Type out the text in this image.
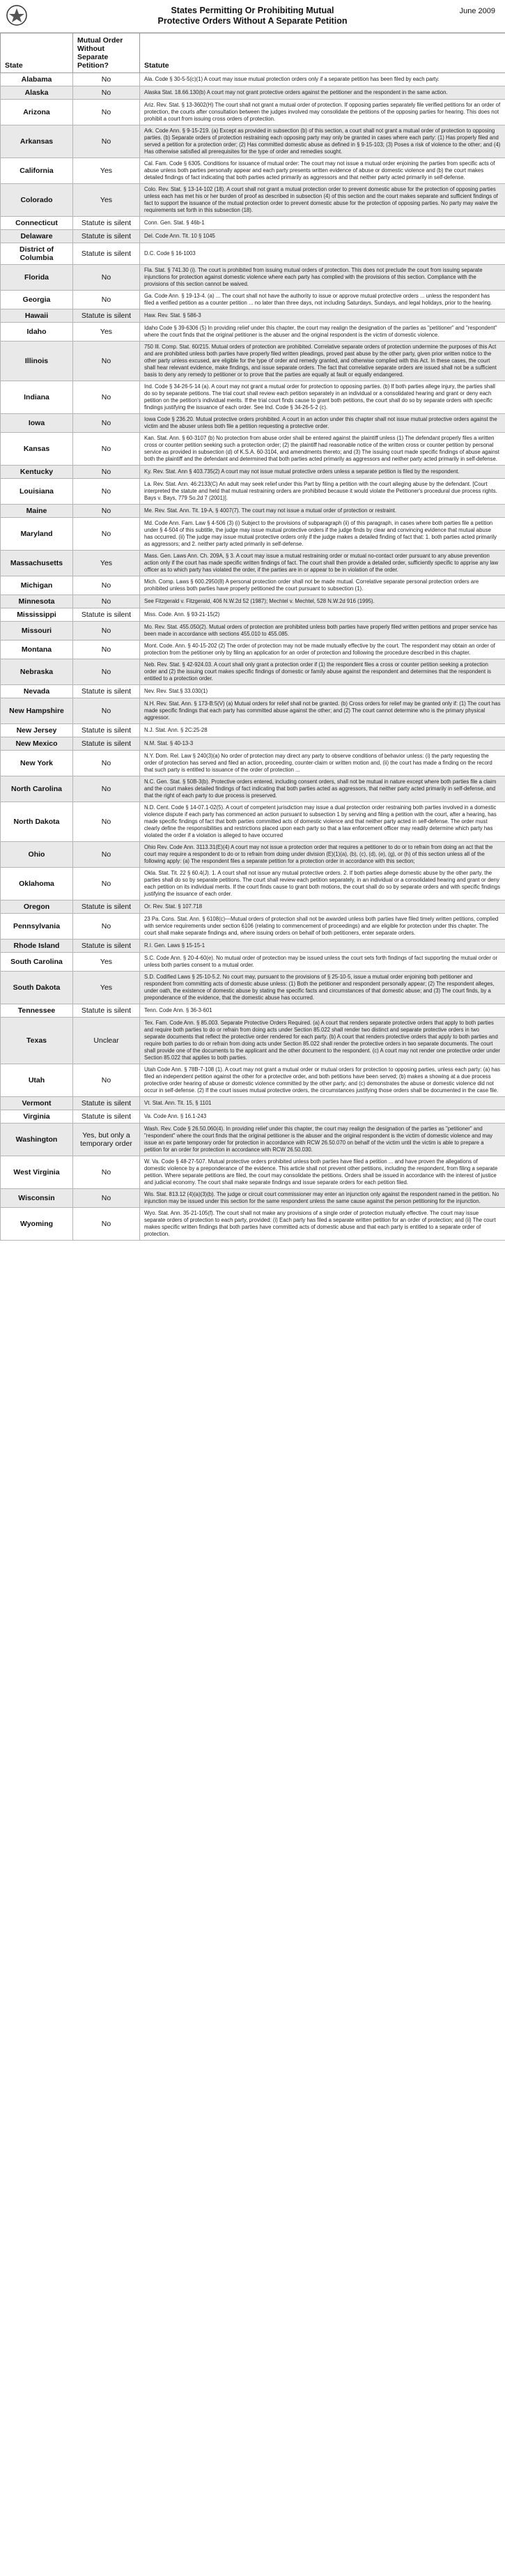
States Permitting Or Prohibiting Mutual
Protective Orders Without A Separate Petition
June 2009
State	Mutual Order Without Separate Petition?	Statute
Alabama	No	Ala. Code § 30-5-5(c)(1) A court may issue mutual protection orders only if a separate petition has been filed by each party.
Alaska	No	Alaska Stat. 18.66.130(b) A court may not grant protective orders against the petitioner and the respondent in the same action.
Arizona	No	Ariz. Rev. Stat. § 13-3602(H) The court shall not grant a mutual order of protection. If opposing parties separately file verified petitions for an order of protection, the courts after consultation between the judges involved may consolidate the petitions of the opposing parties for hearing. This does not prohibit a court from issuing cross orders of protection.
Arkansas	No	Ark. Code Ann. § 9-15-219. (a) Except as provided in subsection (b) of this section, a court shall not grant a mutual order of protection to opposing parties. (b) Separate orders of protection restraining each opposing party may only be granted in cases where each party: (1) Has properly filed and served a petition for a protection order; (2) Has committed domestic abuse as defined in § 9-15-103; (3) Poses a risk of violence to the other; and (4) Has otherwise satisfied all prerequisites for the type of order and remedies sought.
California	Yes	Cal. Fam. Code § 6305. Conditions for issuance of mutual order: The court may not issue a mutual order enjoining the parties from specific acts of abuse unless both parties personally appear and each party presents written evidence of abuse or domestic violence and (b) the court makes detailed findings of fact indicating that both parties acted primarily as aggressors and that neither party acted primarily in self-defense.
Colorado	Yes	Colo. Rev. Stat. § 13-14-102 (18). A court shall not grant a mutual protection order to prevent domestic abuse for the protection of opposing parties unless each has met his or her burden of proof as described in subsection (4) of this section and the court makes separate and sufficient findings of fact to support the issuance of the mutual protection order to prevent domestic abuse for the protection of opposing parties. No party may waive the requirements set forth in this subsection (18).
Connecticut	Statute is silent	Conn. Gen. Stat. § 46b-1
Delaware	Statute is silent	Del. Code Ann. Tit. 10 § 1045
District of Columbia	Statute is silent	D.C. Code § 16-1003
Florida	No	Fla. Stat. § 741.30 (i). The court is prohibited from issuing mutual orders of protection. This does not preclude the court from issuing separate injunctions for protection against domestic violence where each party has complied with the provisions of this section. Compliance with the provisions of this section cannot be waived.
Georgia	No	Ga. Code Ann. § 19-13-4. (a) ... The court shall not have the authority to issue or approve mutual protective orders ... unless the respondent has filed a verified petition as a counter petition ... no later than three days, not including Saturdays, Sundays, and legal holidays, prior to the hearing.
Hawaii	Statute is silent	Haw. Rev. Stat. § 586-3
Idaho	Yes	Idaho Code § 39-6306 (5) In providing relief under this chapter, the court may realign the designation of the parties as "petitioner" and "respondent" where the court finds that the original petitioner is the abuser and the original respondent is the victim of domestic violence.
Illinois	No	750 Ill. Comp. Stat. 60/215. Mutual orders of protection are prohibited. Correlative separate orders of protection undermine the purposes of this Act and are prohibited unless both parties have properly filed written pleadings, proved past abuse by the other party, given prior written notice to the other party unless excused, are eligible for the type of order and remedy granted, and otherwise complied with this Act. In these cases, the court shall hear relevant evidence, make findings, and issue separate orders. The fact that correlative separate orders are issued shall not be a sufficient basis to deny any remedy to petitioner or to prove that the parties are equally at fault or equally endangered.
Indiana	No	Ind. Code § 34-26-5-14 (a). A court may not grant a mutual order for protection to opposing parties. (b) If both parties allege injury, the parties shall do so by separate petitions. The trial court shall review each petition separately in an individual or a consolidated hearing and grant or deny each petition on the petition's individual merits. If the trial court finds cause to grant both petitions, the court shall do so by separate orders with specific findings justifying the issuance of each order. See Ind. Code § 34-26-5-2 (c).
Iowa	No	Iowa Code § 236.20. Mutual protective orders prohibited. A court in an action under this chapter shall not issue mutual protective orders against the victim and the abuser unless both file a petition requesting a protective order.
Kansas	No	Kan. Stat. Ann. § 60-3107 (b) No protection from abuse order shall be entered against the plaintiff unless (1) The defendant properly files a written cross or counter petition seeking such a protection order; (2) the plaintiff had reasonable notice of the written cross or counter petition by personal service as provided in subsection (d) of K.S.A. 60-3104, and amendments thereto; and (3) The issuing court made specific findings of abuse against both the plaintiff and the defendant and determined that both parties acted primarily as aggressors and neither party acted primarily in self-defense.
Kentucky	No	Ky. Rev. Stat. Ann § 403.735(2) A court may not issue mutual protective orders unless a separate petition is filed by the respondent.
Louisiana	No	La. Rev. Stat. Ann. 46:2133(C) An adult may seek relief under this Part by filing a petition with the court alleging abuse by the defendant. [Court interpreted the statute and held that mutual restraining orders are prohibited because it would violate the Petitioner's procedural due process rights. Bays v. Bays, 779 So.2d 7 (2001)].
Maine	No	Me. Rev. Stat. Ann. Tit. 19-A, § 4007(7). The court may not issue a mutual order of protection or restraint.
Maryland	No	Md. Code Ann. Fam. Law § 4-506 (3) (i) Subject to the provisions of subparagraph (ii) of this paragraph, in cases where both parties file a petition under § 4-504 of this subtitle, the judge may issue mutual protective orders if the judge finds by clear and convincing evidence that mutual abuse has occurred. (ii) The judge may issue mutual protective orders only if the judge makes a detailed finding of fact that: 1. both parties acted primarily as aggressors; and 2. neither party acted primarily in self-defense.
Massachusetts	Yes	Mass. Gen. Laws Ann. Ch. 209A, § 3. A court may issue a mutual restraining order or mutual no-contact order pursuant to any abuse prevention action only if the court has made specific written findings of fact. The court shall then provide a detailed order, sufficiently specific to apprise any law officer as to which party has violated the order, if the parties are in or appear to be in violation of the order.
Michigan	No	Mich. Comp. Laws § 600.2950(8) A personal protection order shall not be made mutual. Correlative separate personal protection orders are prohibited unless both parties have properly petitioned the court pursuant to subsection (1).
Minnesota	No	See Fitzgerald v. Fitzgerald, 406 N.W.2d 52 (1987); Mechtel v. Mechtel, 528 N.W.2d 916 (1995).
Mississippi	Statute is silent	Miss. Code. Ann. § 93-21-15(2)
Missouri	No	Mo. Rev. Stat. 455.050(2). Mutual orders of protection are prohibited unless both parties have properly filed written petitions and proper service has been made in accordance with sections 455.010 to 455.085.
Montana	No	Mont. Code. Ann. § 40-15-202 (2) The order of protection may not be made mutually effective by the court. The respondent may obtain an order of protection from the petitioner only by filing an application for an order of protection and following the procedure described in this chapter.
Nebraska	No	Neb. Rev. Stat. § 42-924.03. A court shall only grant a protection order if (1) the respondent files a cross or counter petition seeking a protection order and (2) the issuing court makes specific findings of domestic or family abuse against the respondent and determines that the respondent is entitled to a protection order.
Nevada	Statute is silent	Nev. Rev. Stat.§ 33.030(1)
New Hampshire	No	N.H. Rev. Stat. Ann. § 173-B:5(V) (a) Mutual orders for relief shall not be granted. (b) Cross orders for relief may be granted only if: (1) The court has made specific findings that each party has committed abuse against the other; and (2) The court cannot determine who is the primary physical aggressor.
New Jersey	Statute is silent	N.J. Stat. Ann. § 2C:25-28
New Mexico	Statute is silent	N.M. Stat. § 40-13-3
New York	No	N.Y. Dom. Rel. Law § 240(3)(a) No order of protection may direct any party to observe conditions of behavior unless: (i) the party requesting the order of protection has served and filed an action, proceeding, counter-claim or written motion and, (ii) the court has made a finding on the record that such party is entitled to issuance of the order of protection ...
North Carolina	No	N.C. Gen. Stat. § 50B-3(b). Protective orders entered, including consent orders, shall not be mutual in nature except where both parties file a claim and the court makes detailed findings of fact indicating that both parties acted as aggressors, that neither party acted primarily in self-defense, and that the right of each party to due process is preserved.
North Dakota	No	N.D. Cent. Code § 14-07.1-02(5). A court of competent jurisdiction may issue a dual protection order restraining both parties involved in a domestic violence dispute if each party has commenced an action pursuant to subsection 1 by serving and filing a petition with the court, after a hearing, has made specific findings of fact that both parties committed acts of domestic violence and that neither party acted in self-defense. The order must clearly define the responsibilities and restrictions placed upon each party so that a law enforcement officer may readily determine which party has violated the order if a violation is alleged to have occurred
Ohio	No	Ohio Rev. Code Ann. 3113.31(E)(4) A court may not issue a protection order that requires a petitioner to do or to refrain from doing an act that the court may require a respondent to do or to refrain from doing under division (E)(1)(a), (b), (c), (d), (e), (g), or (h) of this section unless all of the following apply: (a) The respondent files a separate petition for a protection order in accordance with this section;
Oklahoma	No	Okla. Stat. Tit. 22 § 60.4(J). 1. A court shall not issue any mutual protective orders. 2. If both parties allege domestic abuse by the other party, the parties shall do so by separate petitions. The court shall review each petition separately, in an individual or a consolidated hearing and grant or deny each petition on its individual merits. If the court finds cause to grant both motions, the court shall do so by separate orders and with specific findings justifying the issuance of each order.
Oregon	Statute is silent	Or. Rev. Stat. § 107.718
Pennsylvania	No	23 Pa. Cons. Stat. Ann. § 6108(c)—Mutual orders of protection shall not be awarded unless both parties have filed timely written petitions, complied with service requirements under section 6106 (relating to commencement of proceedings) and are eligible for protection under this chapter. The court shall make separate findings and, where issuing orders on behalf of both petitioners, enter separate orders.
Rhode Island	Statute is silent	R.I. Gen. Laws § 15-15-1
South Carolina	Yes	S.C. Code Ann. § 20-4-60(e). No mutual order of protection may be issued unless the court sets forth findings of fact supporting the mutual order or unless both parties consent to a mutual order.
South Dakota	Yes	S.D. Codified Laws § 25-10-5.2. No court may, pursuant to the provisions of § 25-10-5, issue a mutual order enjoining both petitioner and respondent from committing acts of domestic abuse unless: (1) Both the petitioner and respondent personally appear; (2) The respondent alleges, under oath, the existence of domestic abuse by stating the specific facts and circumstances of that domestic abuse; and (3) The court finds, by a preponderance of the evidence, that the domestic abuse has occurred.
Tennessee	Statute is silent	Tenn. Code Ann. § 36-3-601
Texas	Unclear	Tex. Fam. Code Ann. § 85.003. Separate Protective Orders Required. (a) A court that renders separate protective orders that apply to both parties and require both parties to do or refrain from doing acts under Section 85.022 shall render two distinct and separate protective orders in two separate documents that reflect the protective order rendered for each party. (b) A court that renders protective orders that apply to both parties and require both parties to do or refrain from doing acts under Section 85.022 shall render the protective orders in two separate documents. The court shall provide one of the documents to the applicant and the other document to the respondent. (c) A court may not render one protective order under Section 85.022 that applies to both parties.
Utah	No	Utah Code Ann. § 78B-7-108 (1). A court may not grant a mutual order or mutual orders for protection to opposing parties, unless each party: (a) has filed an independent petition against the other for a protective order, and both petitions have been served; (b) makes a showing at a due process protective order hearing of abuse or domestic violence committed by the other party; and (c) demonstrates the abuse or domestic violence did not occur in self-defense. (2) If the court issues mutual protective orders, the circumstances justifying those orders shall be documented in the case file.
Vermont	Statute is silent	Vt. Stat. Ann. Tit. 15, § 1101
Virginia	Statute is silent	Va. Code Ann. § 16.1-243
Washington	Yes, but only a temporary order	Wash. Rev. Code § 26.50.060(4). In providing relief under this chapter, the court may realign the designation of the parties as "petitioner" and "respondent" where the court finds that the original petitioner is the abuser and the original respondent is the victim of domestic violence and may issue an ex parte temporary order for protection in accordance with RCW 26.50.070 on behalf of the victim until the victim is able to prepare a petition for an order for protection in accordance with RCW 26.50.030.
West Virginia	No	W. Va. Code § 48-27-507. Mutual protective orders prohibited unless both parties have filed a petition ... and have proven the allegations of domestic violence by a preponderance of the evidence. This article shall not prevent other petitions, including the respondent, from filing a separate petition. Where separate petitions are filed, the court may consolidate the petitions. Orders shall be issued in accordance with the interest of justice and judicial economy. The court shall make separate findings and issue separate orders for each petition filed.
Wisconsin	No	Wis. Stat. 813.12 (4)(a)(3)(b). The judge or circuit court commissioner may enter an injunction only against the respondent named in the petition. No injunction may be issued under this section for the same respondent unless the same cause against the person petitioning for the injunction.
Wyoming	No	Wyo. Stat. Ann. 35-21-105(f). The court shall not make any provisions of a single order of protection mutually effective. The court may issue separate orders of protection to each party, provided: (i) Each party has filed a separate written petition for an order of protection; and (ii) The court makes specific written findings that both parties have committed acts of domestic abuse and that each party is entitled to a separate order of protection.
